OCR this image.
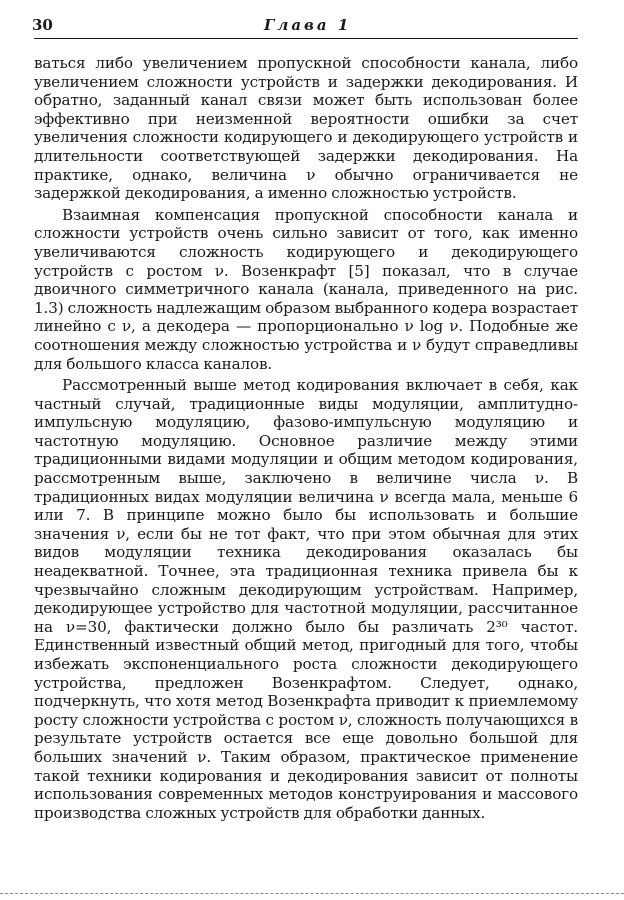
30	Глава 1

ваться либо увеличением пропускной способности канала, либо увеличением сложности устройств и задержки декодирования. И обратно, заданный канал связи может быть использован более эффективно при неизменной вероятности ошибки за счет увеличения сложности кодирующего и декодирующего устройств и длительности соответствующей задержки декодирования. На практике, однако, величина ν обычно ограничивается не задержкой декодирования, а именно сложностью устройств.

Взаимная компенсация пропускной способности канала и сложности устройств очень сильно зависит от того, как именно увеличиваются сложность кодирующего и декодирующего устройств с ростом ν. Возенкрафт [5] показал, что в случае двоичного симметричного канала (канала, приведенного на рис. 1.3) сложность надлежащим образом выбранного кодера возрастает линейно с ν, а декодера — пропорционально ν log ν. Подобные же соотношения между сложностью устройства и ν будут справедливы для большого класса каналов.

Рассмотренный выше метод кодирования включает в себя, как частный случай, традиционные виды модуляции, амплитудно-импульсную модуляцию, фазово-импульсную модуляцию и частотную модуляцию. Основное различие между этими традиционными видами модуляции и общим методом кодирования, рассмотренным выше, заключено в величине числа ν. В традиционных видах модуляции величина ν всегда мала, меньше 6 или 7. В принципе можно было бы использовать и большие значения ν, если бы не тот факт, что при этом обычная для этих видов модуляции техника декодирования оказалась бы неадекватной. Точнее, эта традиционная техника привела бы к чрезвычайно сложным декодирующим устройствам. Например, декодирующее устройство для частотной модуляции, рассчитанное на ν=30, фактически должно было бы различать 2³⁰ частот. Единственный известный общий метод, пригодный для того, чтобы избежать экспоненциального роста сложности декодирующего устройства, предложен Возенкрафтом. Следует, однако, подчеркнуть, что хотя метод Возенкрафта приводит к приемлемому росту сложности устройства с ростом ν, сложность получающихся в результате устройств остается все еще довольно большой для больших значений ν. Таким образом, практическое применение такой техники кодирования и декодирования зависит от полноты использования современных методов конструирования и массового производства сложных устройств для обработки данных.
